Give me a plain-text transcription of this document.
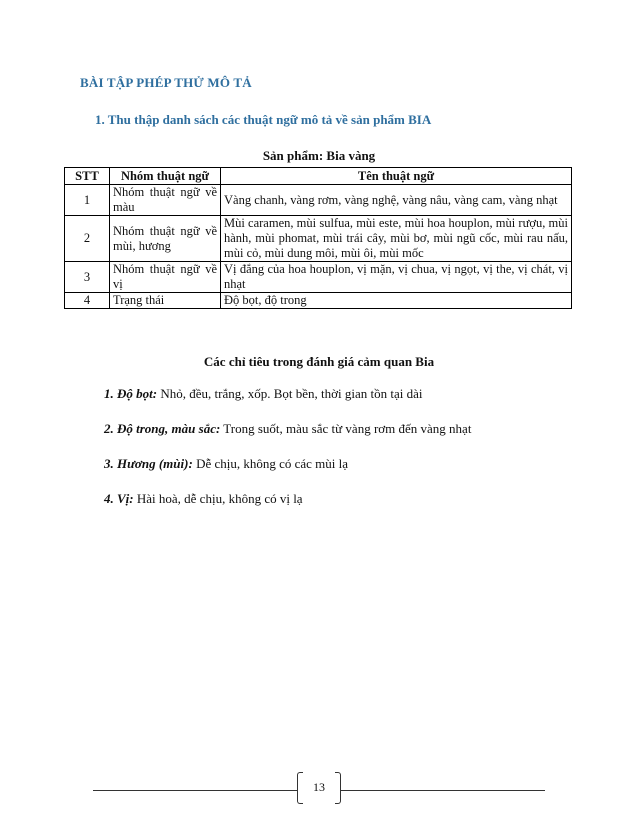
BÀI TẬP PHÉP THỬ MÔ TẢ
1. Thu thập danh sách các thuật ngữ mô tả về sản phẩm BIA
Sản phẩm: Bia vàng
STT	Nhóm thuật ngữ	Tên thuật ngữ
1	Nhóm thuật ngữ về màu	Vàng chanh, vàng rơm, vàng nghệ, vàng nâu, vàng cam, vàng nhạt
2	Nhóm thuật ngữ về mùi, hương	Mùi caramen, mùi sulfua, mùi este, mùi hoa houplon, mùi rượu, mùi hành, mùi phomat, mùi trái cây, mùi bơ, mùi ngũ cốc, mùi rau nấu, mùi cỏ, mùi dung môi, mùi ôi, mùi mốc
3	Nhóm thuật ngữ về vị	Vị đắng của hoa houplon, vị mặn, vị chua, vị ngọt, vị the, vị chát, vị nhạt
4	Trạng thái	Độ bọt, độ trong
Các chỉ tiêu trong đánh giá cảm quan Bia
1. Độ bọt: Nhỏ, đều, trắng, xốp. Bọt bền, thời gian tồn tại dài
2. Độ trong, màu sắc: Trong suốt, màu sắc từ vàng rơm đến vàng nhạt
3. Hương (mùi): Dễ chịu, không có các mùi lạ
4. Vị: Hài hoà, dễ chịu, không có vị lạ
13
